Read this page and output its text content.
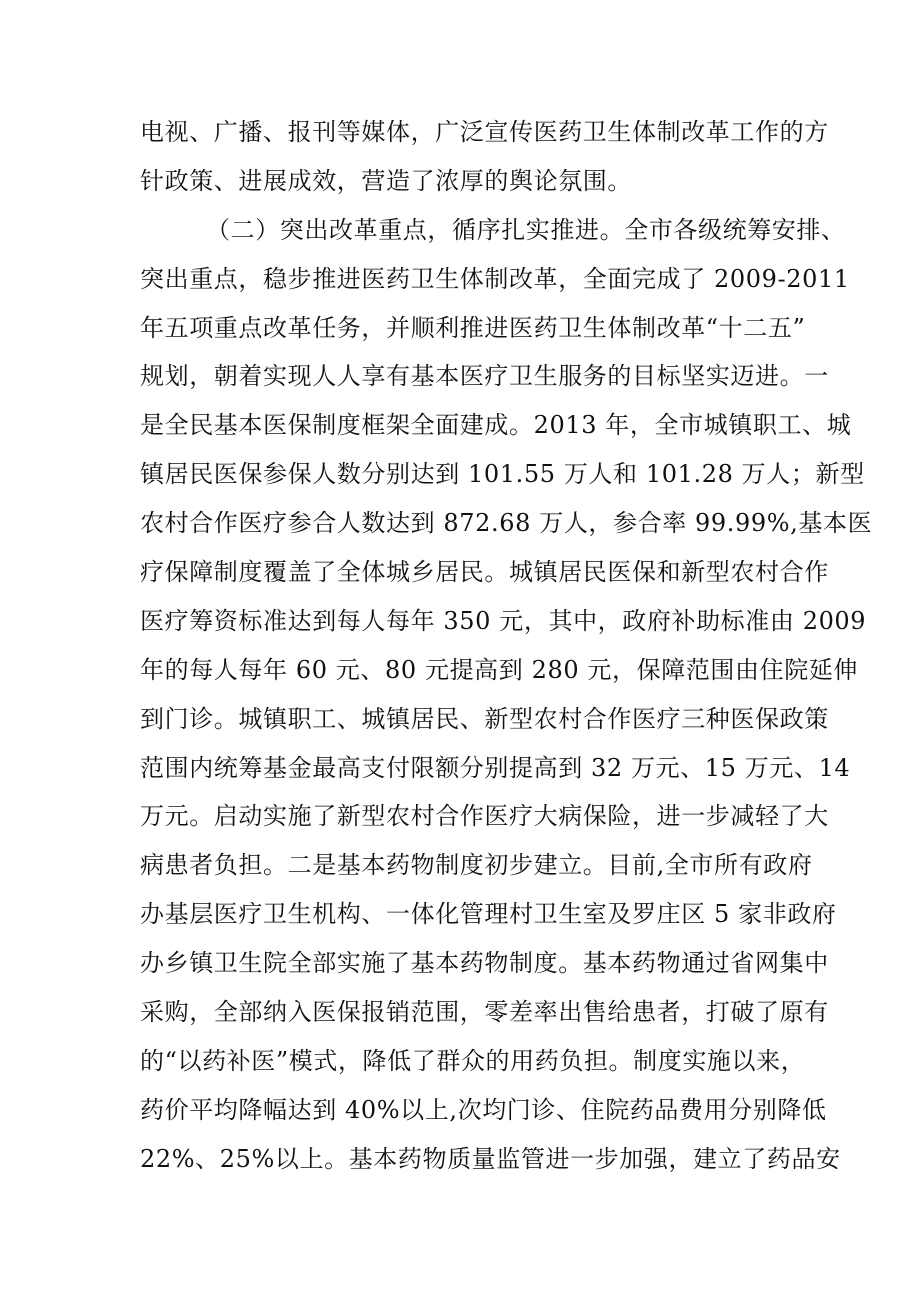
电视、广播、报刊等媒体，广泛宣传医药卫生体制改革工作的方
针政策、进展成效，营造了浓厚的舆论氛围。
（二）突出改革重点，循序扎实推进。全市各级统筹安排、
突出重点，稳步推进医药卫生体制改革，全面完成了 2009-2011
年五项重点改革任务，并顺利推进医药卫生体制改革“十二五”
规划，朝着实现人人享有基本医疗卫生服务的目标坚实迈进。一
是全民基本医保制度框架全面建成。2013 年，全市城镇职工、城
镇居民医保参保人数分别达到 101.55 万人和 101.28 万人；新型
农村合作医疗参合人数达到 872.68 万人，参合率 99.99%,基本医
疗保障制度覆盖了全体城乡居民。城镇居民医保和新型农村合作
医疗筹资标准达到每人每年 350 元，其中，政府补助标准由 2009
年的每人每年 60 元、80 元提高到 280 元，保障范围由住院延伸
到门诊。城镇职工、城镇居民、新型农村合作医疗三种医保政策
范围内统筹基金最高支付限额分别提高到 32 万元、15 万元、14
万元。启动实施了新型农村合作医疗大病保险，进一步减轻了大
病患者负担。二是基本药物制度初步建立。目前,全市所有政府
办基层医疗卫生机构、一体化管理村卫生室及罗庄区 5 家非政府
办乡镇卫生院全部实施了基本药物制度。基本药物通过省网集中
采购，全部纳入医保报销范围，零差率出售给患者，打破了原有
的“以药补医”模式，降低了群众的用药负担。制度实施以来，
药价平均降幅达到 40%以上,次均门诊、住院药品费用分别降低
22%、25%以上。基本药物质量监管进一步加强，建立了药品安
